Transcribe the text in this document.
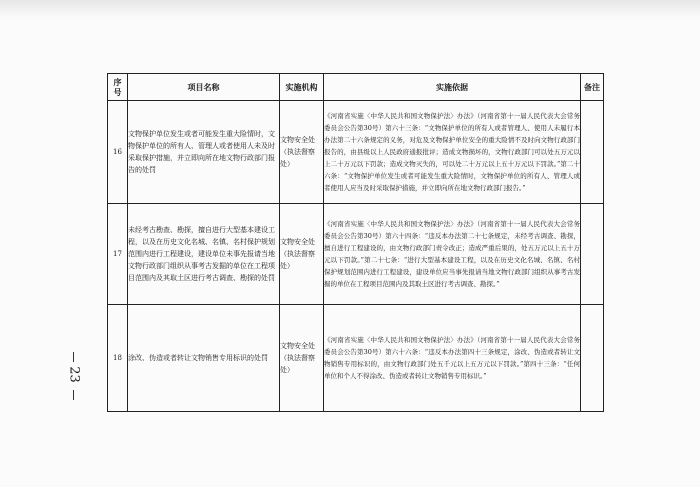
序
号	项目名称	实施机构	实施依据	备注
16	文物保护单位发生或者可能发生重大险情时，文物保护单位的所有人、管理人或者使用人未及时采取保护措施，并立即向所在地文物行政部门报告的处罚	文物安全处（执法督察处）	《河南省实施〈中华人民共和国文物保护法〉办法》（河南省第十一届人民代表大会常务委员会公告第30号）第六十三条：“文物保护单位的所有人或者管理人、使用人未履行本办法第二十六条规定的义务，对危及文物保护单位安全的重大险情不及时向文物行政部门报告的，由县级以上人民政府通报批评；造成文物损坏的，文物行政部门可以处五万元以上二十万元以下罚款；造成文物灭失的，可以处二十万元以上五十万元以下罚款。”第二十六条：“文物保护单位发生或者可能发生重大险情时，文物保护单位的所有人、管理人或者使用人应当及时采取保护措施，并立即向所在地文物行政部门报告。”	
17	未经考古勘查、勘探，擅自进行大型基本建设工程，以及在历史文化名城、名镇、名村保护规划范围内进行工程建设，建设单位未事先报请当地文物行政部门组织从事考古发掘的单位在工程项目范围内及其取土区进行考古调查、勘探的处罚	文物安全处（执法督察处）	《河南省实施〈中华人民共和国文物保护法〉办法》（河南省第十一届人民代表大会常务委员会公告第30号）第六十四条：“违反本办法第二十七条规定，未经考古调查、勘探，擅自进行工程建设的，由文物行政部门责令改正；造成严重后果的，处五万元以上五十万元以下罚款。”第二十七条：“进行大型基本建设工程，以及在历史文化名城、名镇、名村保护规划范围内进行工程建设，建设单位应当事先报请当地文物行政部门组织从事考古发掘的单位在工程项目范围内及其取土区进行考古调查、勘探。”	
18	涂改、伪造或者转让文物销售专用标识的处罚	文物安全处（执法督察处）	《河南省实施〈中华人民共和国文物保护法〉办法》（河南省第十一届人民代表大会常务委员会公告第30号）第六十六条：“违反本办法第四十三条规定，涂改、伪造或者转让文物销售专用标识的，由文物行政部门处五千元以上五万元以下罚款。”第四十三条：“任何单位和个人不得涂改、伪造或者转让文物销售专用标识。”	
23
